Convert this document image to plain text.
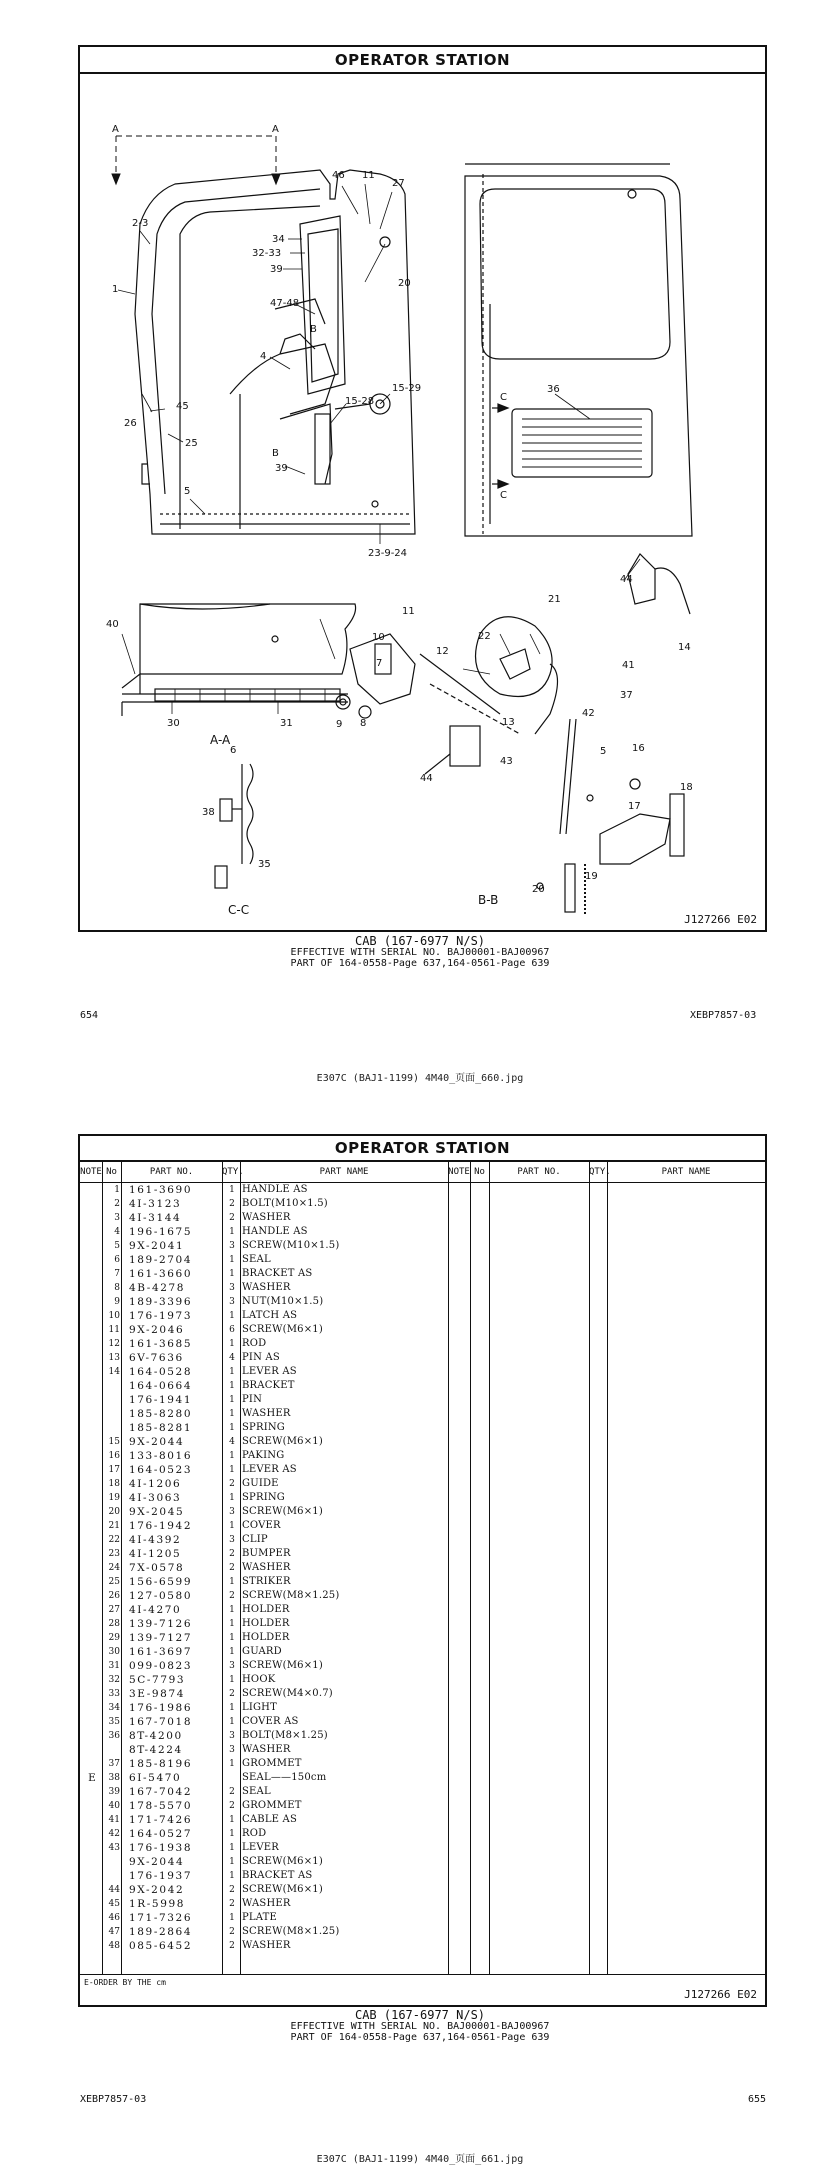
OPERATOR STATION
A	A
46 11
27
2-3
34
32-33
39
20
1
47-48
4
B
15-29
15-28
45
26
25
B
39
5
23-9-24
36
C
C
40
30	31
A-A
11
44
21
22
10
12	14
7	41
37
9 8	13
42
43
44
5	16
18
17
20
19
6
38
35
C-C
B-B
J127266 E02
CAB (167-6977 N/S)
EFFECTIVE WITH SERIAL NO. BAJ00001-BAJ00967
PART OF 164-0558-Page 637,164-0561-Page 639
654	XEBP7857-03
E307C (BAJ1-1199) 4M40_页面_660.jpg
OPERATOR STATION
NOTE No	PART NO.	QTY.	PART NAME	NOTE No	PART NO.	QTY.	PART NAME
1 161-3690	1 HANDLE AS
2 4I-3123	2 BOLT(M10×1.5)
3 4I-3144	2 WASHER
4 196-1675	1 HANDLE AS
5 9X-2041	3 SCREW(M10×1.5)
6 189-2704	1 SEAL
7 161-3660	1 BRACKET AS
8 4B-4278	3 WASHER
9 189-3396	3 NUT(M10×1.5)
10 176-1973	1 LATCH AS
11 9X-2046	6 SCREW(M6×1)
12 161-3685	1 ROD
13 6V-7636	4 PIN AS
14 164-0528	1 LEVER AS
164-0664	1 BRACKET
176-1941	1 PIN
185-8280	1 WASHER
185-8281	1 SPRING
15 9X-2044	4 SCREW(M6×1)
16 133-8016	1 PAKING
17 164-0523	1 LEVER AS
18 4I-1206	2 GUIDE
19 4I-3063	1 SPRING
20 9X-2045	3 SCREW(M6×1)
21 176-1942	1 COVER
22 4I-4392	3 CLIP
23 4I-1205	2 BUMPER
24 7X-0578	2 WASHER
25 156-6599	1 STRIKER
26 127-0580	2 SCREW(M8×1.25)
27 4I-4270	1 HOLDER
28 139-7126	1 HOLDER
29 139-7127	1 HOLDER
30 161-3697	1 GUARD
31 099-0823	3 SCREW(M6×1)
32 5C-7793	1 HOOK
33 3E-9874	2 SCREW(M4×0.7)
34 176-1986	1 LIGHT
35 167-7018	1 COVER AS
36 8T-4200	3 BOLT(M8×1.25)
8T-4224	3 WASHER
37 185-8196	1 GROMMET
E	38 6I-5470	SEAL——150cm
39 167-7042	2 SEAL
40 178-5570	2 GROMMET
41 171-7426	1 CABLE AS
42 164-0527	1 ROD
43 176-1938	1 LEVER
9X-2044	1 SCREW(M6×1)
176-1937	1 BRACKET AS
44 9X-2042	2 SCREW(M6×1)
45 1R-5998	2 WASHER
46 171-7326	1 PLATE
47 189-2864	2 SCREW(M8×1.25)
48 085-6452	2 WASHER
E-ORDER BY THE cm
J127266 E02
CAB (167-6977 N/S)
EFFECTIVE WITH SERIAL NO. BAJ00001-BAJ00967
PART OF 164-0558-Page 637,164-0561-Page 639
XEBP7857-03	655
E307C (BAJ1-1199) 4M40_页面_661.jpg
